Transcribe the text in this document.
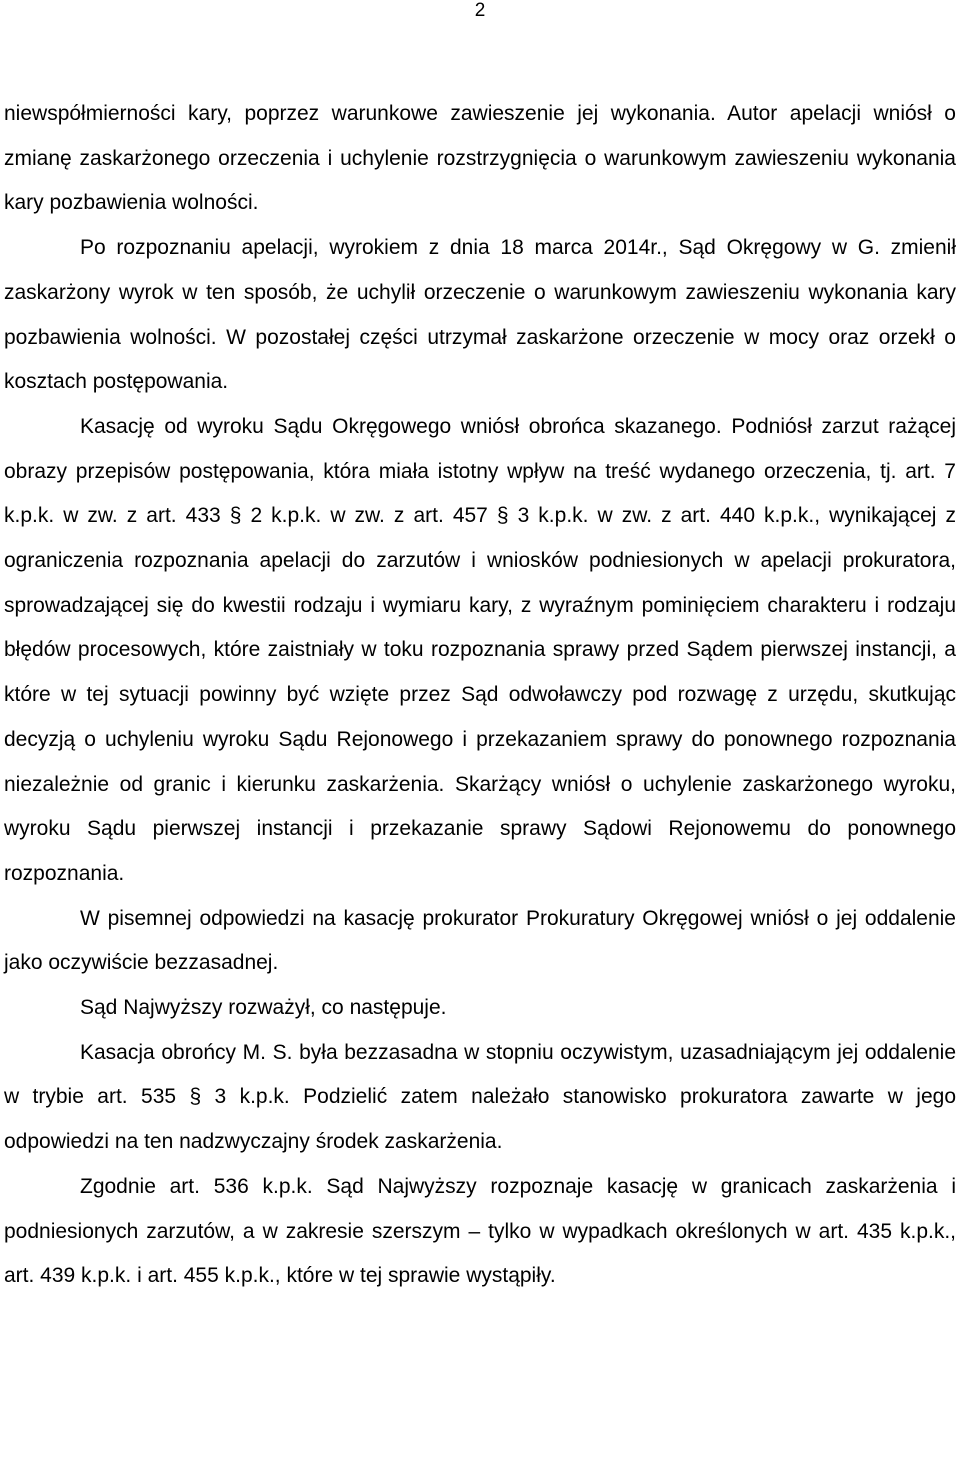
2

niewspółmierności kary, poprzez warunkowe zawieszenie jej wykonania. Autor apelacji wniósł o zmianę zaskarżonego orzeczenia i uchylenie rozstrzygnięcia o warunkowym zawieszeniu wykonania kary pozbawienia wolności.

Po rozpoznaniu apelacji, wyrokiem z dnia 18 marca 2014r., Sąd Okręgowy w G. zmienił zaskarżony wyrok w ten sposób, że uchylił orzeczenie o warunkowym zawieszeniu wykonania kary pozbawienia wolności. W pozostałej części utrzymał zaskarżone orzeczenie w mocy oraz orzekł o kosztach postępowania.

Kasację od wyroku Sądu Okręgowego wniósł obrońca skazanego. Podniósł zarzut rażącej obrazy przepisów postępowania, która miała istotny wpływ na treść wydanego orzeczenia, tj. art. 7 k.p.k. w zw. z art. 433 § 2 k.p.k. w zw. z art. 457 § 3 k.p.k. w zw. z art. 440 k.p.k., wynikającej z ograniczenia rozpoznania apelacji do zarzutów i wniosków podniesionych w apelacji prokuratora, sprowadzającej się do kwestii rodzaju i wymiaru kary, z wyraźnym pominięciem charakteru i rodzaju błędów procesowych, które zaistniały w toku rozpoznania sprawy przed Sądem pierwszej instancji, a które w tej sytuacji powinny być wzięte przez Sąd odwoławczy pod rozwagę z urzędu, skutkując decyzją o uchyleniu wyroku Sądu Rejonowego i przekazaniem sprawy do ponownego rozpoznania niezależnie od granic i kierunku zaskarżenia. Skarżący wniósł o uchylenie zaskarżonego wyroku, wyroku Sądu pierwszej instancji i przekazanie sprawy Sądowi Rejonowemu do ponownego rozpoznania.

W pisemnej odpowiedzi na kasację prokurator Prokuratury Okręgowej wniósł o jej oddalenie jako oczywiście bezzasadnej.

Sąd Najwyższy rozważył, co następuje.

Kasacja obrońcy M. S. była bezzasadna w stopniu oczywistym, uzasadniającym jej oddalenie w trybie art. 535 § 3 k.p.k. Podzielić zatem należało stanowisko prokuratora zawarte w jego odpowiedzi na ten nadzwyczajny środek zaskarżenia.

Zgodnie art. 536 k.p.k. Sąd Najwyższy rozpoznaje kasację w granicach zaskarżenia i podniesionych zarzutów, a w zakresie szerszym – tylko w wypadkach określonych w art. 435 k.p.k., art. 439 k.p.k. i art. 455 k.p.k., które w tej sprawie wystąpiły.
